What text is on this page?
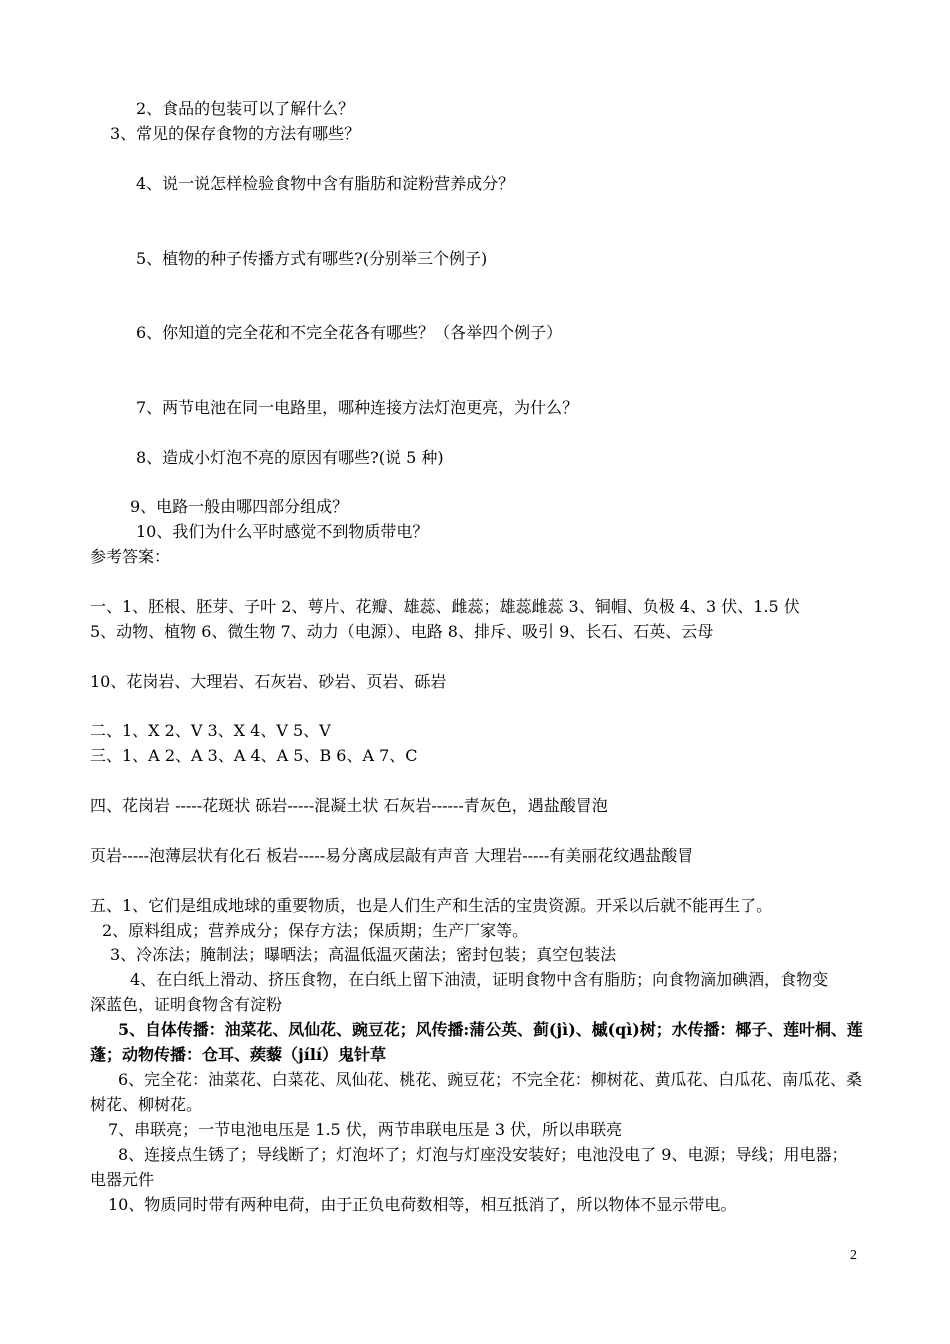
2、食品的包装可以了解什么？
3、常见的保存食物的方法有哪些？
4、说一说怎样检验食物中含有脂肪和淀粉营养成分？
5、植物的种子传播方式有哪些?(分别举三个例子)
6、你知道的完全花和不完全花各有哪些？（各举四个例子）
7、两节电池在同一电路里，哪种连接方法灯泡更亮，为什么？
8、造成小灯泡不亮的原因有哪些?(说 5 种)
9、电路一般由哪四部分组成？
10、我们为什么平时感觉不到物质带电？
参考答案：
一、1、胚根、胚芽、子叶 2、萼片、花瓣、雄蕊、雌蕊；雄蕊雌蕊 3、铜帽、负极 4、3 伏、1.5 伏
5、动物、植物 6、微生物 7、动力（电源）、电路 8、排斥、吸引 9、长石、石英、云母
10、花岗岩、大理岩、石灰岩、砂岩、页岩、砾岩
二、1、X 2、V 3、X 4、V 5、V
三、1、A 2、A 3、A 4、A 5、B 6、A 7、C
四、花岗岩 -----花斑状 砾岩-----混凝土状 石灰岩------青灰色，遇盐酸冒泡
页岩-----泡薄层状有化石 板岩-----易分离成层敲有声音 大理岩-----有美丽花纹遇盐酸冒
五、1、它们是组成地球的重要物质，也是人们生产和生活的宝贵资源。开采以后就不能再生了。
2、原料组成；营养成分；保存方法；保质期；生产厂家等。
3、冷冻法；腌制法；曝晒法；高温低温灭菌法；密封包装；真空包装法
4、在白纸上滑动、挤压食物，在白纸上留下油渍，证明食物中含有脂肪；向食物滴加碘酒，食物变
深蓝色，证明食物含有淀粉
5、自体传播：油菜花、凤仙花、豌豆花；风传播:蒲公英、蓟(jì)、槭(qì)树；水传播：椰子、莲叶桐、莲
蓬；动物传播：仓耳、蒺藜（jílí）鬼针草
6、完全花：油菜花、白菜花、凤仙花、桃花、豌豆花；不完全花：柳树花、黄瓜花、白瓜花、南瓜花、桑
树花、柳树花。
7、串联亮；一节电池电压是 1.5 伏，两节串联电压是 3 伏，所以串联亮
8、连接点生锈了；导线断了；灯泡坏了；灯泡与灯座没安装好；电池没电了 9、电源；导线；用电器；
电器元件
10、物质同时带有两种电荷，由于正负电荷数相等，相互抵消了，所以物体不显示带电。
2
